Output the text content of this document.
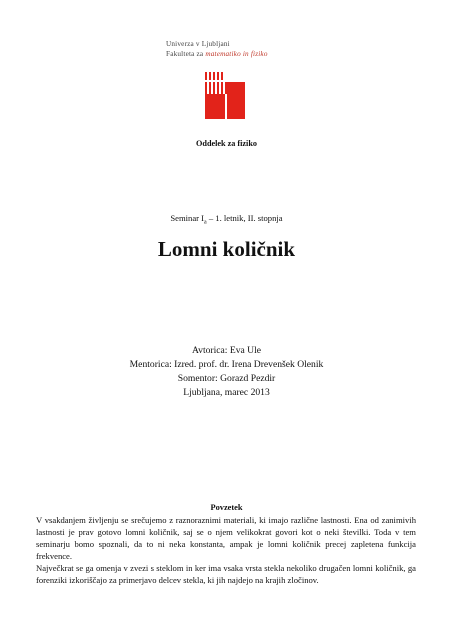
Univerza v Ljubljani
Fakulteta za matematiko in fiziko
Oddelek za fiziko
Seminar $I_a - 1$. letnik, II. stopnja
Lomni količnik
Avtorica: Eva Ule
Mentorica: Izred. prof. dr. Irena Drevenšek Olenik
Somentor: Gorazd Pezdir
Ljubljana, marec 2013
Povzetek

V vsakdanjem življenju se srečujemo z raznoraznimi materiali, ki imajo različne lastnosti. Ena od zanimivih lastnosti je prav gotovo lomni količnik, saj se o njem velikokrat govori kot o neki številki. Toda v tem seminarju bomo spoznali, da to ni neka konstanta, ampak je lomni količnik precej zapletena funkcija frekvence.

Največkrat se ga omenja v zvezi s steklom in ker ima vsaka vrsta stekla nekoliko drugačen lomni količnik, ga forenziki izkoriščajo za primerjavo delcev stekla, ki jih najdejo na krajih zločinov.
